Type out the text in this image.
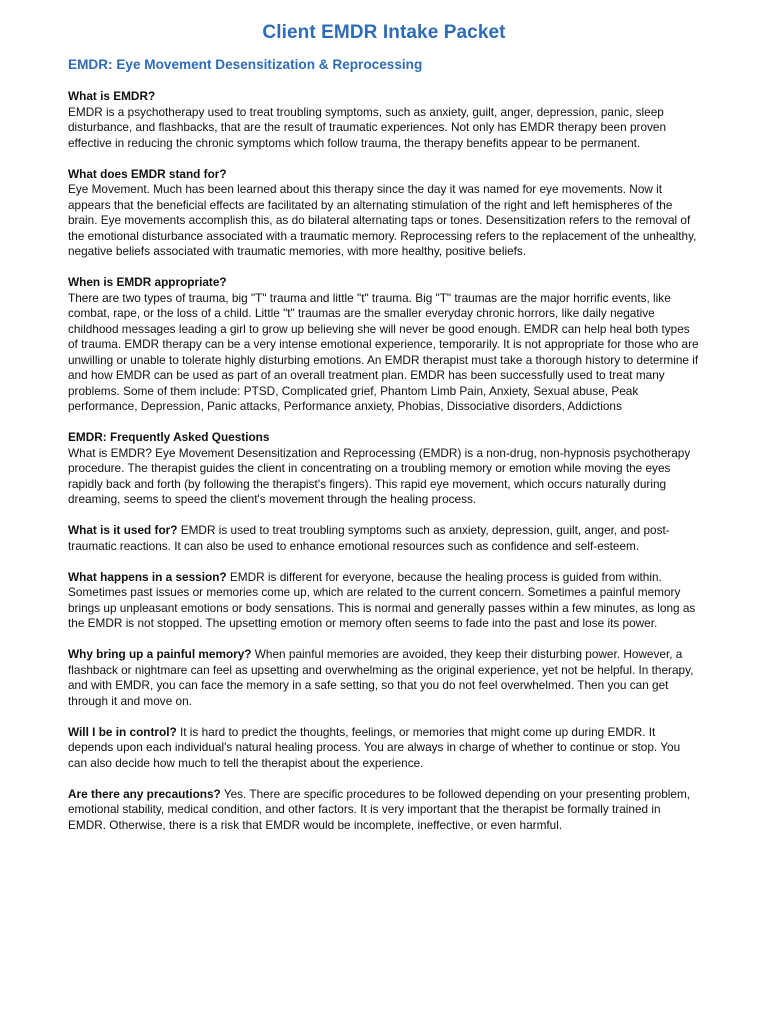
Client EMDR Intake Packet
EMDR: Eye Movement Desensitization & Reprocessing

What is EMDR?

EMDR is a psychotherapy used to treat troubling symptoms, such as anxiety, guilt, anger, depression, panic, sleep disturbance, and flashbacks, that are the result of traumatic experiences. Not only has EMDR therapy been proven effective in reducing the chronic symptoms which follow trauma, the therapy benefits appear to be permanent.

What does EMDR stand for?

Eye Movement. Much has been learned about this therapy since the day it was named for eye movements. Now it appears that the beneficial effects are facilitated by an alternating stimulation of the right and left hemispheres of the brain. Eye movements accomplish this, as do bilateral alternating taps or tones. Desensitization refers to the removal of the emotional disturbance associated with a traumatic memory. Reprocessing refers to the replacement of the unhealthy, negative beliefs associated with traumatic memories, with more healthy, positive beliefs.

When is EMDR appropriate?

There are two types of trauma, big "T" trauma and little "t" trauma. Big "T" traumas are the major horrific events, like combat, rape, or the loss of a child. Little "t" traumas are the smaller everyday chronic horrors, like daily negative childhood messages leading a girl to grow up believing she will never be good enough. EMDR can help heal both types of trauma. EMDR therapy can be a very intense emotional experience, temporarily. It is not appropriate for those who are unwilling or unable to tolerate highly disturbing emotions. An EMDR therapist must take a thorough history to determine if and how EMDR can be used as part of an overall treatment plan. EMDR has been successfully used to treat many problems. Some of them include: PTSD, Complicated grief, Phantom Limb Pain, Anxiety, Sexual abuse, Peak performance, Depression, Panic attacks, Performance anxiety, Phobias, Dissociative disorders, Addictions

EMDR: Frequently Asked Questions

What is EMDR? Eye Movement Desensitization and Reprocessing (EMDR) is a non-drug, non-hypnosis psychotherapy procedure. The therapist guides the client in concentrating on a troubling memory or emotion while moving the eyes rapidly back and forth (by following the therapist's fingers). This rapid eye movement, which occurs naturally during dreaming, seems to speed the client's movement through the healing process.

What is it used for? EMDR is used to treat troubling symptoms such as anxiety, depression, guilt, anger, and post-traumatic reactions. It can also be used to enhance emotional resources such as confidence and self-esteem.

What happens in a session? EMDR is different for everyone, because the healing process is guided from within. Sometimes past issues or memories come up, which are related to the current concern. Sometimes a painful memory brings up unpleasant emotions or body sensations. This is normal and generally passes within a few minutes, as long as the EMDR is not stopped. The upsetting emotion or memory often seems to fade into the past and lose its power.

Why bring up a painful memory? When painful memories are avoided, they keep their disturbing power. However, a flashback or nightmare can feel as upsetting and overwhelming as the original experience, yet not be helpful. In therapy, and with EMDR, you can face the memory in a safe setting, so that you do not feel overwhelmed. Then you can get through it and move on.

Will I be in control? It is hard to predict the thoughts, feelings, or memories that might come up during EMDR. It depends upon each individual's natural healing process. You are always in charge of whether to continue or stop. You can also decide how much to tell the therapist about the experience.

Are there any precautions? Yes. There are specific procedures to be followed depending on your presenting problem, emotional stability, medical condition, and other factors. It is very important that the therapist be formally trained in EMDR. Otherwise, there is a risk that EMDR would be incomplete, ineffective, or even harmful.
